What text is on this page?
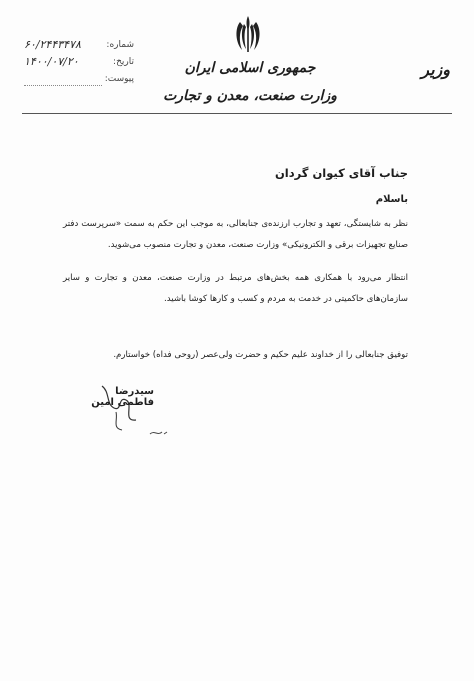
جمهوری اسلامی ایران
وزارت صنعت، معدن و تجارت
وزیر
۶۰/۲۴۴۳۴۷۸	شماره:
۱۴۰۰/۰۷/۲۰	تاریخ:
پیوست:
جناب آقای کیوان گردان
باسلام
نظر به شایستگی، تعهد و تجارب ارزنده‌ی جنابعالی، به موجب این حکم به سمت «سرپرست دفتر صنایع تجهیزات برقی و الکترونیکی» وزارت صنعت، معدن و تجارت منصوب می‌شوید.
انتظار می‌رود با همکاری همه بخش‌های مرتبط در وزارت صنعت، معدن و تجارت و سایر سازمان‌های حاکمیتی در خدمت به مردم و کسب و کارها کوشا باشید.
توفیق جنابعالی را از خداوند علیم حکیم و حضرت ولی‌عصر (روحی فداه) خواستارم.
سیدرضا فاطمی امین
